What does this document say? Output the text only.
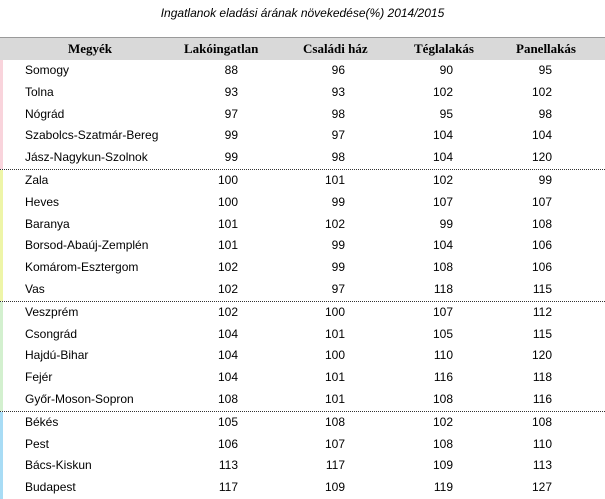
Ingatlanok eladási árának növekedése(%) 2014/2015
Megyék	Lakóingatlan	Családi ház	Téglalakás	Panellakás
Somogy	88	96	90	95
Tolna	93	93	102	102
Nógrád	97	98	95	98
Szabolcs-Szatmár-Bereg	99	97	104	104
Jász-Nagykun-Szolnok	99	98	104	120
Zala	100	101	102	99
Heves	100	99	107	107
Baranya	101	102	99	108
Borsod-Abaúj-Zemplén	101	99	104	106
Komárom-Esztergom	102	99	108	106
Vas	102	97	118	115
Veszprém	102	100	107	112
Csongrád	104	101	105	115
Hajdú-Bihar	104	100	110	120
Fejér	104	101	116	118
Győr-Moson-Sopron	108	101	108	116
Békés	105	108	102	108
Pest	106	107	108	110
Bács-Kiskun	113	117	109	113
Budapest	117	109	119	127
